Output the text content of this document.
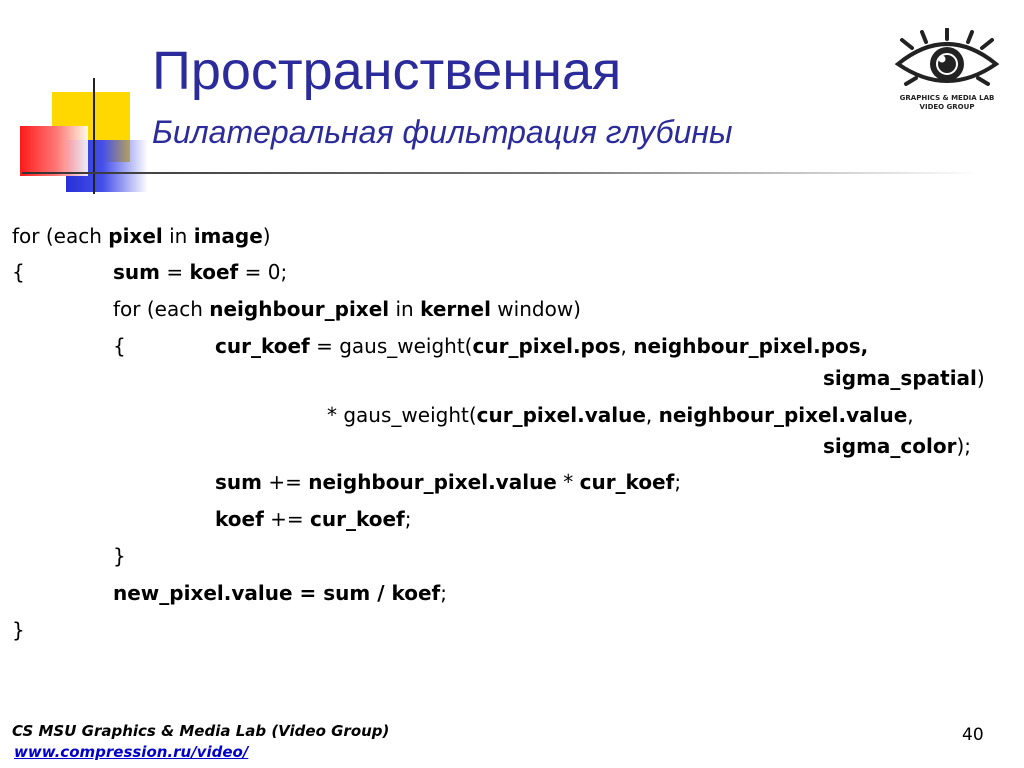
Пространственная
Билатеральная фильтрация глубины
GRAPHICS & MEDIA LAB
VIDEO GROUP
for (each pixel in image)
{	sum = koef = 0;
for (each neighbour_pixel in kernel window)
{	cur_koef = gaus_weight(cur_pixel.pos, neighbour_pixel.pos,
sigma_spatial)
* gaus_weight(cur_pixel.value, neighbour_pixel.value,
sigma_color);
sum += neighbour_pixel.value * cur_koef;
koef += cur_koef;
}
new_pixel.value = sum / koef;
}
CS MSU Graphics & Media Lab (Video Group)
www.compression.ru/video/
40
